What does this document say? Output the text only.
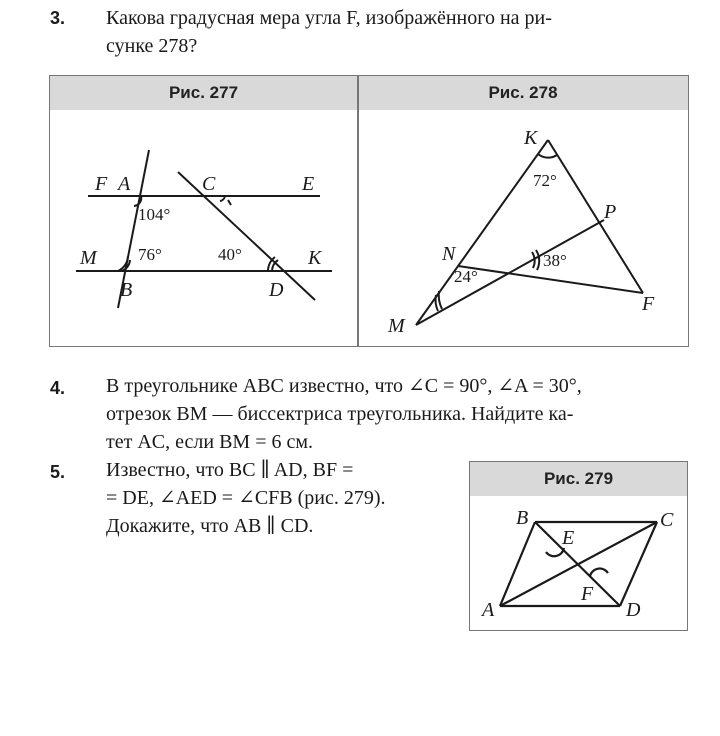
3. Какова градусная мера угла F, изображённого на ри-

сунке 278?

Рис. 277	Рис. 278
F A	C	E
M
B	D
K
104°
76°	40°
K
P
N
M
F
72°
38°
24°
4. В треугольнике ABC известно, что ∠C = 90°, ∠A = 30°,

отрезок BM — биссектриса треугольника. Найдите ка-

тет AC, если BM = 6 см.

5. Известно, что BC ∥ AD, BF =

= DE, ∠AED = ∠CFB (рис. 279).

Докажите, что AB ∥ CD.

Рис. 279
B	C
E
F
A	D
